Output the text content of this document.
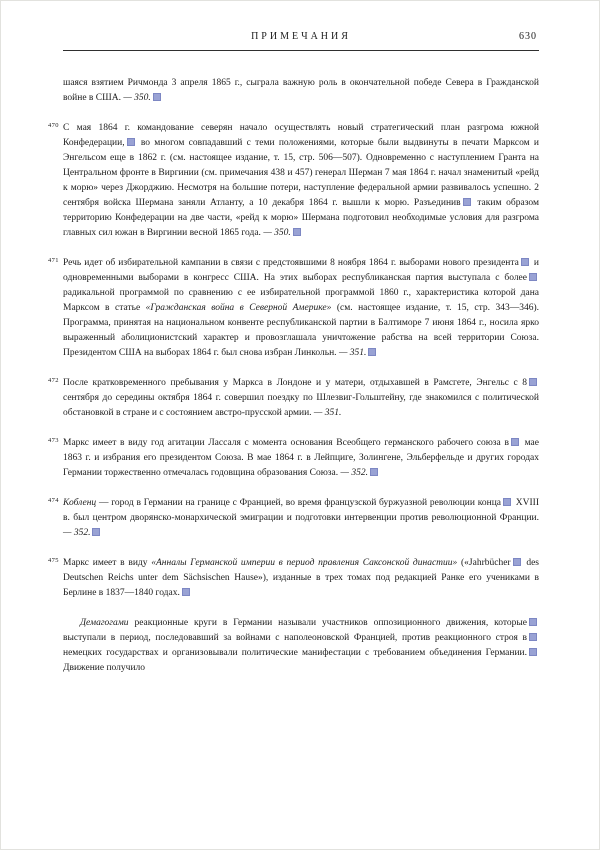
ПРИМЕЧАНИЯ	630

шаяся взятием Ричмонда 3 апреля 1865 г., сыграла важную роль в окончательной победе Севера в Гражданской войне в США. — 350.

470 С мая 1864 г. командование северян начало осуществлять новый стратегический план разгрома южной Конфедерации, во многом совпадавший с теми положениями, которые были выдвинуты в печати Марксом и Энгельсом еще в 1862 г. (см. настоящее издание, т. 15, стр. 506—507). Одновременно с наступлением Гранта на Центральном фронте в Виргинии (см. примечания 438 и 457) генерал Шерман 7 мая 1864 г. начал знаменитый «рейд к морю» через Джорджию. Несмотря на большие потери, наступление федеральной армии развивалось успешно. 2 сентября войска Шермана заняли Атланту, а 10 декабря 1864 г. вышли к морю. Разъединив таким образом территорию Конфедерации на две части, «рейд к морю» Шермана подготовил необходимые условия для разгрома главных сил южан в Виргинии весной 1865 года. — 350.

471 Речь идет об избирательной кампании в связи с предстоявшими 8 ноября 1864 г. выборами нового президента и одновременными выборами в конгресс США. На этих выборах республиканская партия выступала с более радикальной программой по сравнению с ее избирательной программой 1860 г., характеристика которой дана Марксом в статье «Гражданская война в Северной Америке» (см. настоящее издание, т. 15, стр. 343—346). Программа, принятая на национальном конвенте республиканской партии в Балтиморе 7 июня 1864 г., носила ярко выраженный аболиционистский характер и провозглашала уничтожение рабства на всей территории Союза. Президентом США на выборах 1864 г. был снова избран Линкольн. — 351.

472 После кратковременного пребывания у Маркса в Лондоне и у матери, отдыхавшей в Рамсгете, Энгельс с 8 сентября до середины октября 1864 г. совершил поездку по Шлезвиг-Гольштейну, где знакомился с политической обстановкой в стране и с состоянием австро-прусской армии. — 351.

473 Маркс имеет в виду год агитации Лассаля с момента основания Всеобщего германского рабочего союза в мае 1863 г. и избрания его президентом Союза. В мае 1864 г. в Лейпциге, Золингене, Эльберфельде и других городах Германии торжественно отмечалась годовщина образования Союза. — 352.

474 Кобленц — город в Германии на границе с Францией, во время французской буржуазной революции конца XVIII в. был центром дворянско-монархической эмиграции и подготовки интервенции против революционной Франции. — 352.

475 Маркс имеет в виду «Анналы Германской империи в период правления Саксонской династии» («Jahrbücher des Deutschen Reichs unter dem Sächsischen Hause»), изданные в трех томах под редакцией Ранке его учениками в Берлине в 1837—1840 годах.

Демагогами реакционные круги в Германии называли участников оппозиционного движения, которые выступали в период, последовавший за войнами с наполеоновской Францией, против реакционного строя в немецких государствах и организовывали политические манифестации с требованием объединения Германии. Движение получило
